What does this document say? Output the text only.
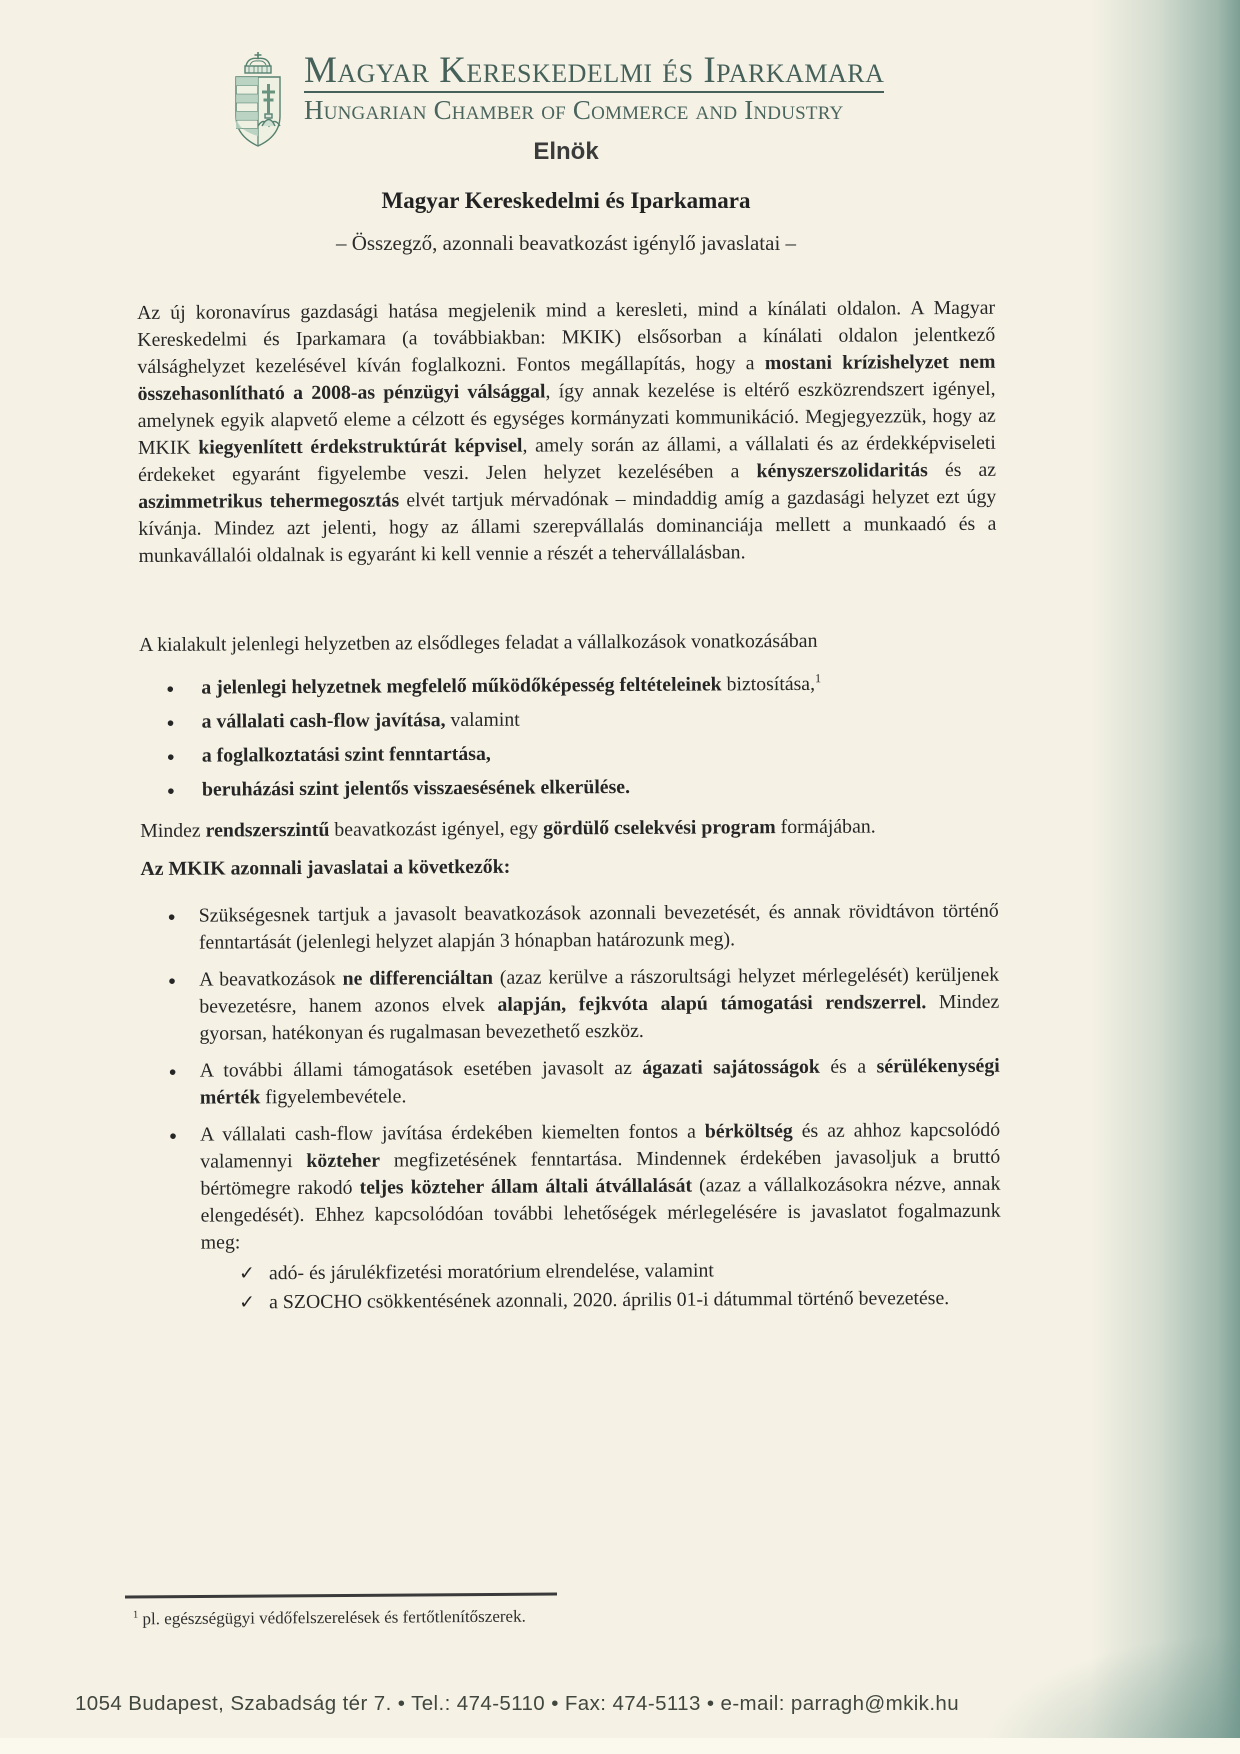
Magyar Kereskedelmi és Iparkamara
Hungarian Chamber of Commerce and Industry
Elnök
Magyar Kereskedelmi és Iparkamara
– Összegző, azonnali beavatkozást igénylő javaslatai –

Az új koronavírus gazdasági hatása megjelenik mind a keresleti, mind a kínálati oldalon. A Magyar Kereskedelmi és Iparkamara (a továbbiakban: MKIK) elsősorban a kínálati oldalon jelentkező válsághelyzet kezelésével kíván foglalkozni. Fontos megállapítás, hogy a mostani krízishelyzet nem összehasonlítható a 2008-as pénzügyi válsággal, így annak kezelése is eltérő eszközrendszert igényel, amelynek egyik alapvető eleme a célzott és egységes kormányzati kommunikáció. Megjegyezzük, hogy az MKIK kiegyenlített érdekstruktúrát képvisel, amely során az állami, a vállalati és az érdekképviseleti érdekeket egyaránt figyelembe veszi. Jelen helyzet kezelésében a kényszerszolidaritás és az aszimmetrikus tehermegosztás elvét tartjuk mérvadónak – mindaddig amíg a gazdasági helyzet ezt úgy kívánja. Mindez azt jelenti, hogy az állami szerepvállalás dominanciája mellett a munkaadó és a munkavállalói oldalnak is egyaránt ki kell vennie a részét a tehervállalásban.

A kialakult jelenlegi helyzetben az elsődleges feladat a vállalkozások vonatkozásában

● a jelenlegi helyzetnek megfelelő működőképesség feltételeinek biztosítása,$^1$
● a vállalati cash-flow javítása, valamint
● a foglalkoztatási szint fenntartása,
● beruházási szint jelentős visszaesésének elkerülése.

Mindez rendszerszintű beavatkozást igényel, egy gördülő cselekvési program formájában.

Az MKIK azonnali javaslatai a következők:

● Szükségesnek tartjuk a javasolt beavatkozások azonnali bevezetését, és annak rövidtávon történő fenntartását (jelenlegi helyzet alapján 3 hónapban határozunk meg).
● A beavatkozások ne differenciáltan (azaz kerülve a rászorultsági helyzet mérlegelését) kerüljenek bevezetésre, hanem azonos elvek alapján, fejkvóta alapú támogatási rendszerrel. Mindez gyorsan, hatékonyan és rugalmasan bevezethető eszköz.
● A további állami támogatások esetében javasolt az ágazati sajátosságok és a sérülékenységi mérték figyelembevétele.
● A vállalati cash-flow javítása érdekében kiemelten fontos a bérköltség és az ahhoz kapcsolódó valamennyi közteher megfizetésének fenntartása. Mindennek érdekében javasoljuk a bruttó bértömegre rakodó teljes közteher állam általi átvállalását (azaz a vállalkozásokra nézve, annak elengedését). Ehhez kapcsolódóan további lehetőségek mérlegelésére is javaslatot fogalmazunk meg:
✓ adó- és járulékfizetési moratórium elrendelése, valamint
✓ a SZOCHO csökkentésének azonnali, 2020. április 01-i dátummal történő bevezetése.
$^1$ pl. egészségügyi védőfelszerelések és fertőtlenítőszerek.
1054 Budapest, Szabadság tér 7. • Tel.: 474-5110 • Fax: 474-5113 • e-mail: parragh@mkik.hu
